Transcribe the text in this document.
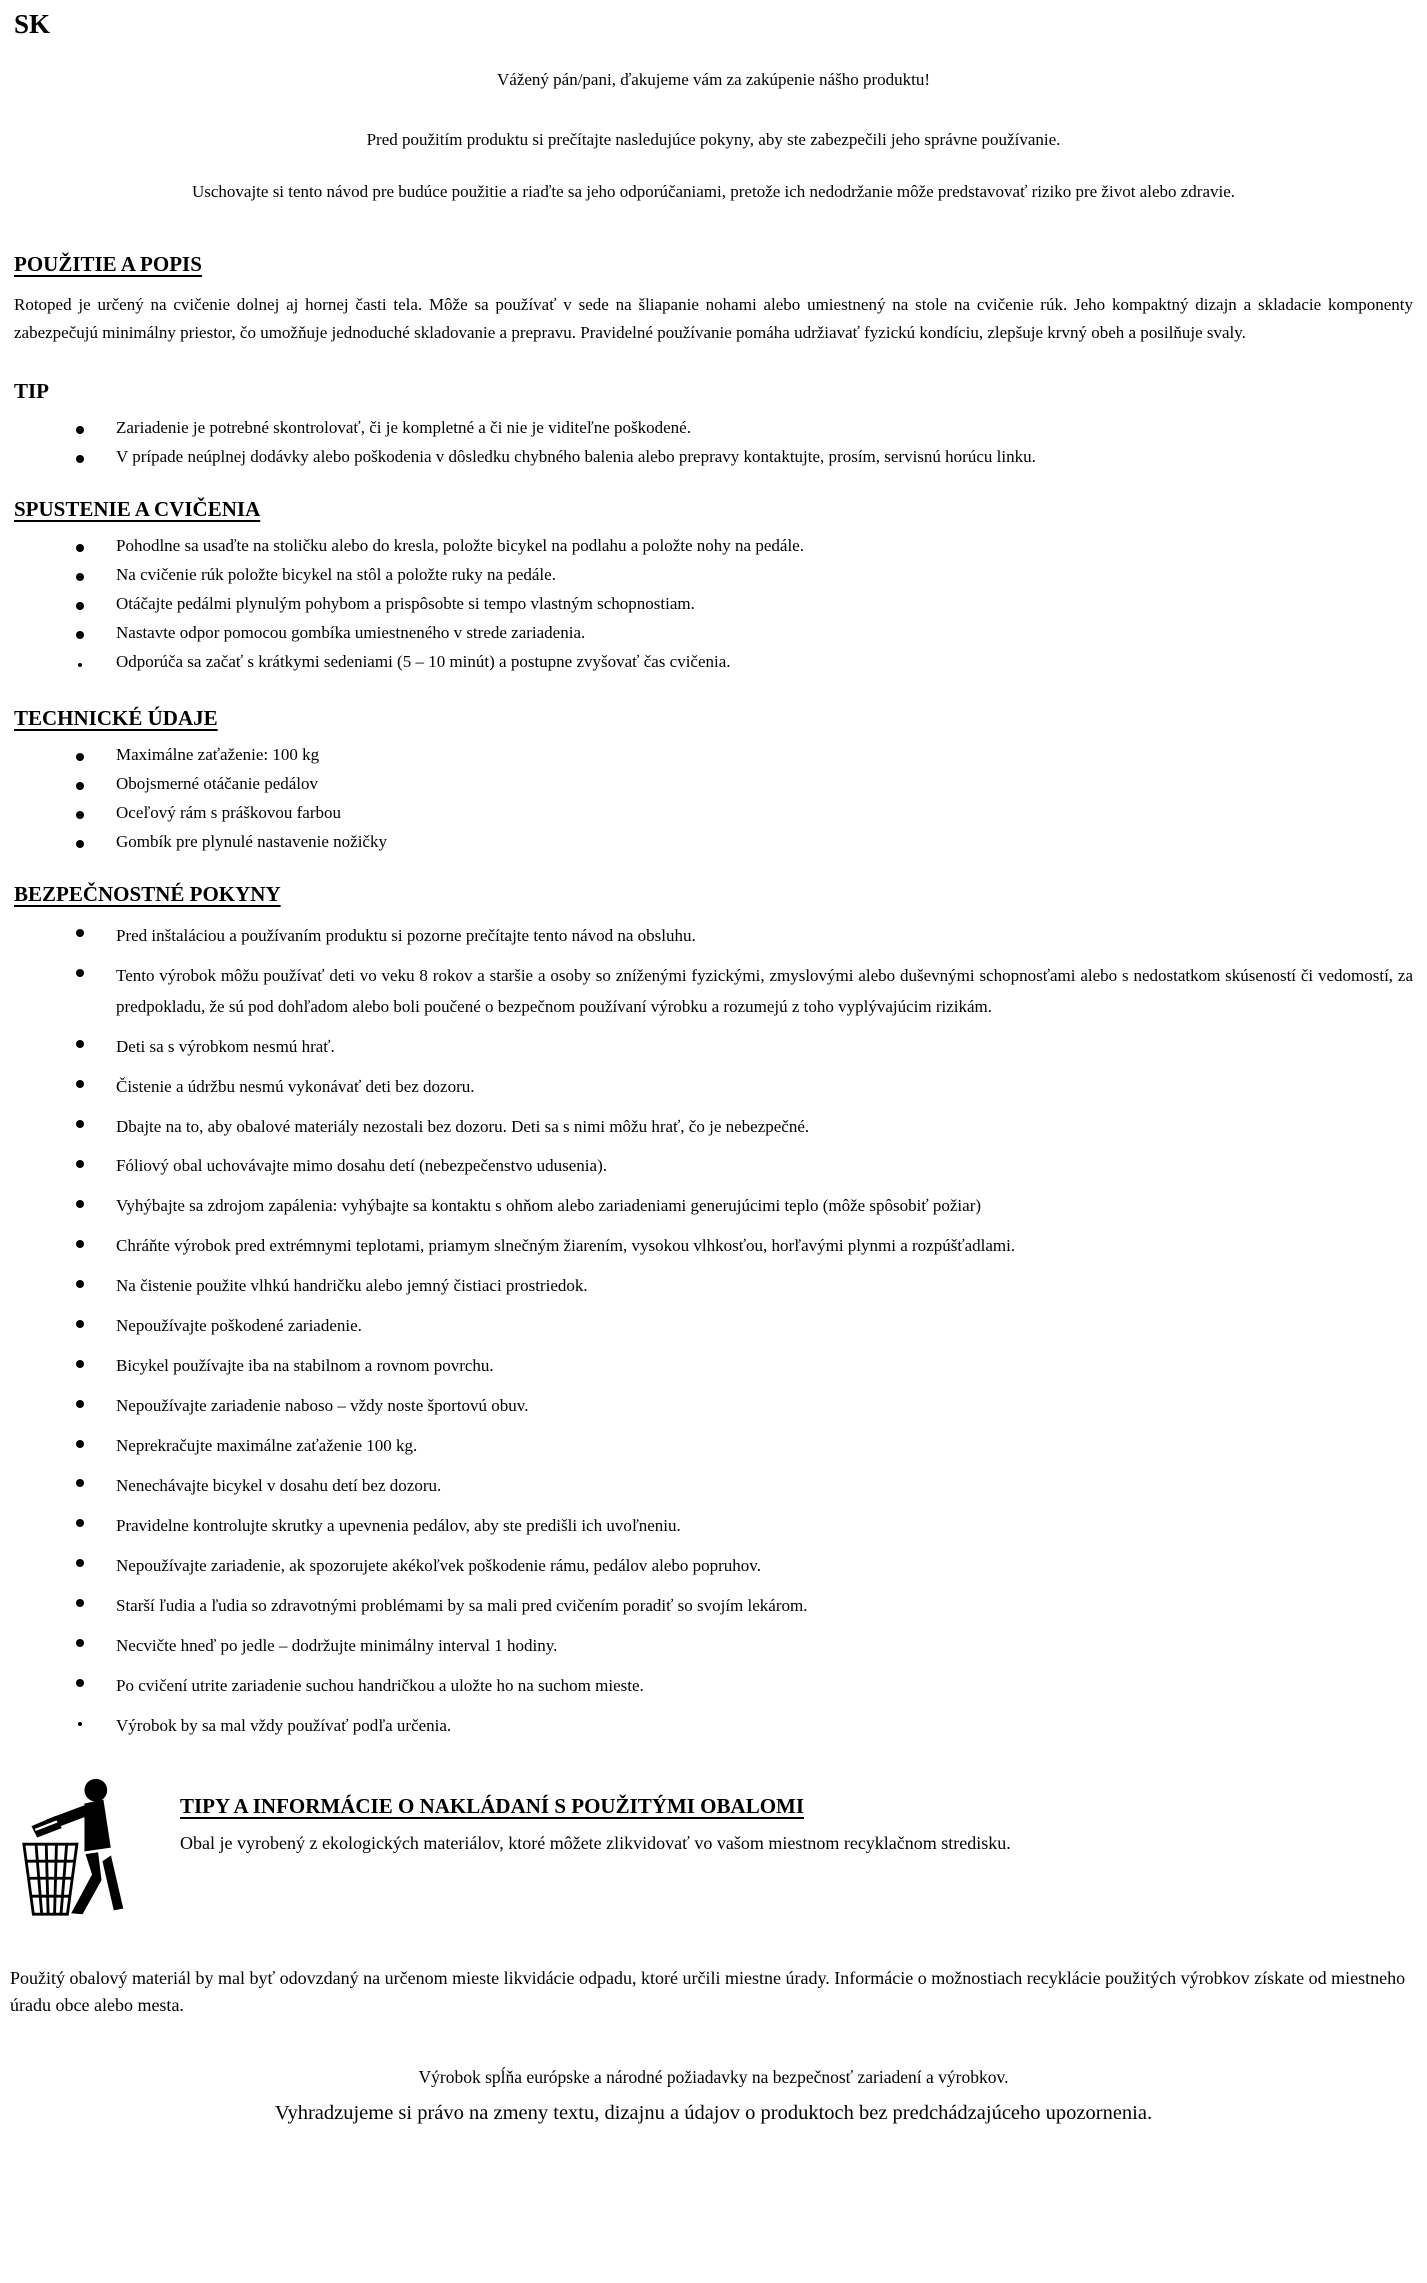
SK

Vážený pán/pani, ďakujeme vám za zakúpenie nášho produktu!

Pred použitím produktu si prečítajte nasledujúce pokyny, aby ste zabezpečili jeho správne používanie.

Uschovajte si tento návod pre budúce použitie a riaďte sa jeho odporúčaniami, pretože ich nedodržanie môže predstavovať riziko pre život alebo zdravie.

POUŽITIE A POPIS

Rotoped je určený na cvičenie dolnej aj hornej časti tela. Môže sa používať v sede na šliapanie nohami alebo umiestnený na stole na cvičenie rúk. Jeho kompaktný dizajn a skladacie komponenty zabezpečujú minimálny priestor, čo umožňuje jednoduché skladovanie a prepravu. Pravidelné používanie pomáha udržiavať fyzickú kondíciu, zlepšuje krvný obeh a posilňuje svaly.

TIP
Zariadenie je potrebné skontrolovať, či je kompletné a či nie je viditeľne poškodené.
V prípade neúplnej dodávky alebo poškodenia v dôsledku chybného balenia alebo prepravy kontaktujte, prosím, servisnú horúcu linku.
SPUSTENIE A CVIČENIA
Pohodlne sa usaďte na stoličku alebo do kresla, položte bicykel na podlahu a položte nohy na pedále.
Na cvičenie rúk položte bicykel na stôl a položte ruky na pedále.
Otáčajte pedálmi plynulým pohybom a prispôsobte si tempo vlastným schopnostiam.
Nastavte odpor pomocou gombíka umiestneného v strede zariadenia.
Odporúča sa začať s krátkymi sedeniami (5 – 10 minút) a postupne zvyšovať čas cvičenia.
TECHNICKÉ ÚDAJE
Maximálne zaťaženie: 100 kg
Obojsmerné otáčanie pedálov
Oceľový rám s práškovou farbou
Gombík pre plynulé nastavenie nožičky
BEZPEČNOSTNÉ POKYNY
Pred inštaláciou a používaním produktu si pozorne prečítajte tento návod na obsluhu.
Tento výrobok môžu používať deti vo veku 8 rokov a staršie a osoby so zníženými fyzickými, zmyslovými alebo duševnými schopnosťami alebo s nedostatkom skúseností či vedomostí, za predpokladu, že sú pod dohľadom alebo boli poučené o bezpečnom používaní výrobku a rozumejú z toho vyplývajúcim rizikám.
Deti sa s výrobkom nesmú hrať.
Čistenie a údržbu nesmú vykonávať deti bez dozoru.
Dbajte na to, aby obalové materiály nezostali bez dozoru. Deti sa s nimi môžu hrať, čo je nebezpečné.
Fóliový obal uchovávajte mimo dosahu detí (nebezpečenstvo udusenia).
Vyhýbajte sa zdrojom zapálenia: vyhýbajte sa kontaktu s ohňom alebo zariadeniami generujúcimi teplo (môže spôsobiť požiar)
Chráňte výrobok pred extrémnymi teplotami, priamym slnečným žiarením, vysokou vlhkosťou, horľavými plynmi a rozpúšťadlami.
Na čistenie použite vlhkú handričku alebo jemný čistiaci prostriedok.
Nepoužívajte poškodené zariadenie.
Bicykel používajte iba na stabilnom a rovnom povrchu.
Nepoužívajte zariadenie naboso – vždy noste športovú obuv.
Neprekračujte maximálne zaťaženie 100 kg.
Nenechávajte bicykel v dosahu detí bez dozoru.
Pravidelne kontrolujte skrutky a upevnenia pedálov, aby ste predišli ich uvoľneniu.
Nepoužívajte zariadenie, ak spozorujete akékoľvek poškodenie rámu, pedálov alebo popruhov.
Starší ľudia a ľudia so zdravotnými problémami by sa mali pred cvičením poradiť so svojím lekárom.
Necvičte hneď po jedle – dodržujte minimálny interval 1 hodiny.
Po cvičení utrite zariadenie suchou handričkou a uložte ho na suchom mieste.
Výrobok by sa mal vždy používať podľa určenia.
TIPY A INFORMÁCIE O NAKLÁDANÍ S POUŽITÝMI OBALOMI

Obal je vyrobený z ekologických materiálov, ktoré môžete zlikvidovať vo vašom miestnom recyklačnom stredisku.

Použitý obalový materiál by mal byť odovzdaný na určenom mieste likvidácie odpadu, ktoré určili miestne úrady. Informácie o možnostiach recyklácie použitých výrobkov získate od miestneho úradu obce alebo mesta.

Výrobok spĺňa európske a národné požiadavky na bezpečnosť zariadení a výrobkov.

Vyhradzujeme si právo na zmeny textu, dizajnu a údajov o produktoch bez predchádzajúceho upozornenia.
